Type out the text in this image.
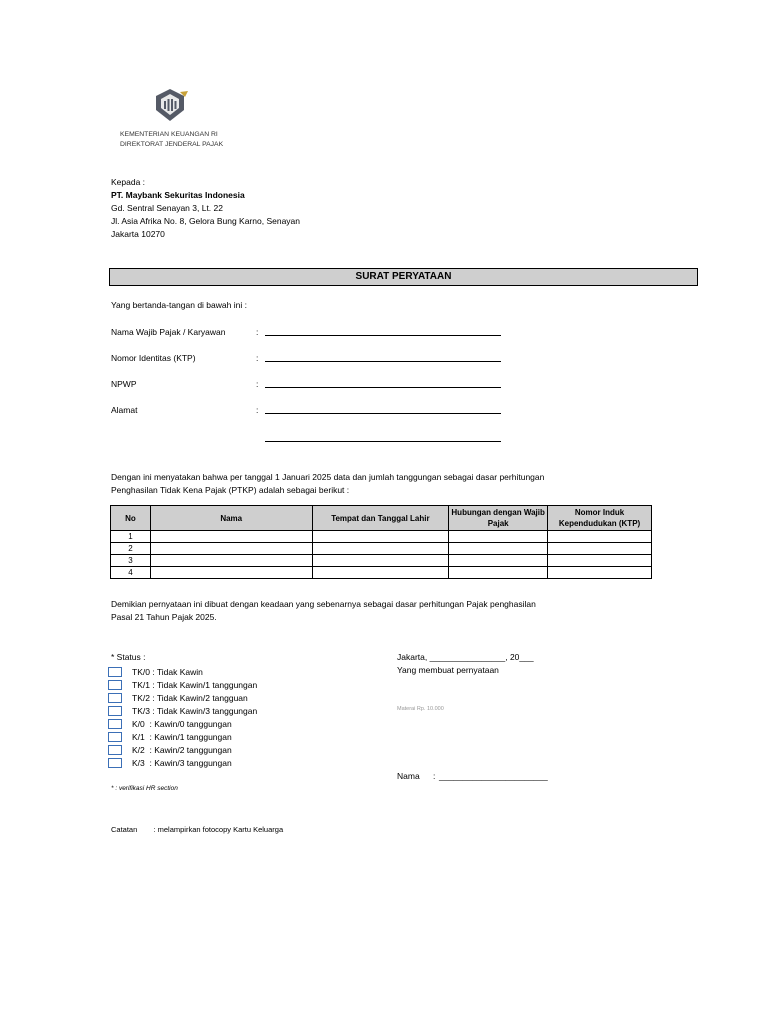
KEMENTERIAN KEUANGAN RI
DIREKTORAT JENDERAL PAJAK
Kepada :
PT. Maybank Sekuritas Indonesia
Gd. Sentral Senayan 3, Lt. 22
Jl. Asia Afrika No. 8, Gelora Bung Karno, Senayan
Jakarta 10270
SURAT PERYATAAN
Yang bertanda-tangan di bawah ini :
Nama Wajib Pajak / Karyawan	:
Nomor Identitas (KTP)	:
NPWP	:
Alamat	:
Dengan ini menyatakan bahwa per tanggal 1 Januari 2025 data dan jumlah tanggungan sebagai dasar perhitungan
Penghasilan Tidak Kena Pajak (PTKP) adalah sebagai berikut :
No	Nama	Tempat dan Tanggal Lahir	Hubungan dengan Wajib Pajak	Nomor Induk Kependudukan (KTP)
1				
2				
3				
4				
Demikian pernyataan ini dibuat dengan keadaan yang sebenarnya sebagai dasar perhitungan Pajak penghasilan
Pasal 21 Tahun Pajak 2025.
* Status :
TK/0 : Tidak Kawin
TK/1 : Tidak Kawin/1 tanggungan
TK/2 : Tidak Kawin/2 tangguan
TK/3 : Tidak Kawin/3 tanggungan
K/0  : Kawin/0 tanggungan
K/1  : Kawin/1 tanggungan
K/2  : Kawin/2 tanggungan
K/3  : Kawin/3 tanggungan
* : verifikasi HR section
Jakarta, ________________, 20___
Yang membuat pernyataan
Materai Rp. 10.000
Nama : _______________________
Catatan : melampirkan fotocopy Kartu Keluarga
